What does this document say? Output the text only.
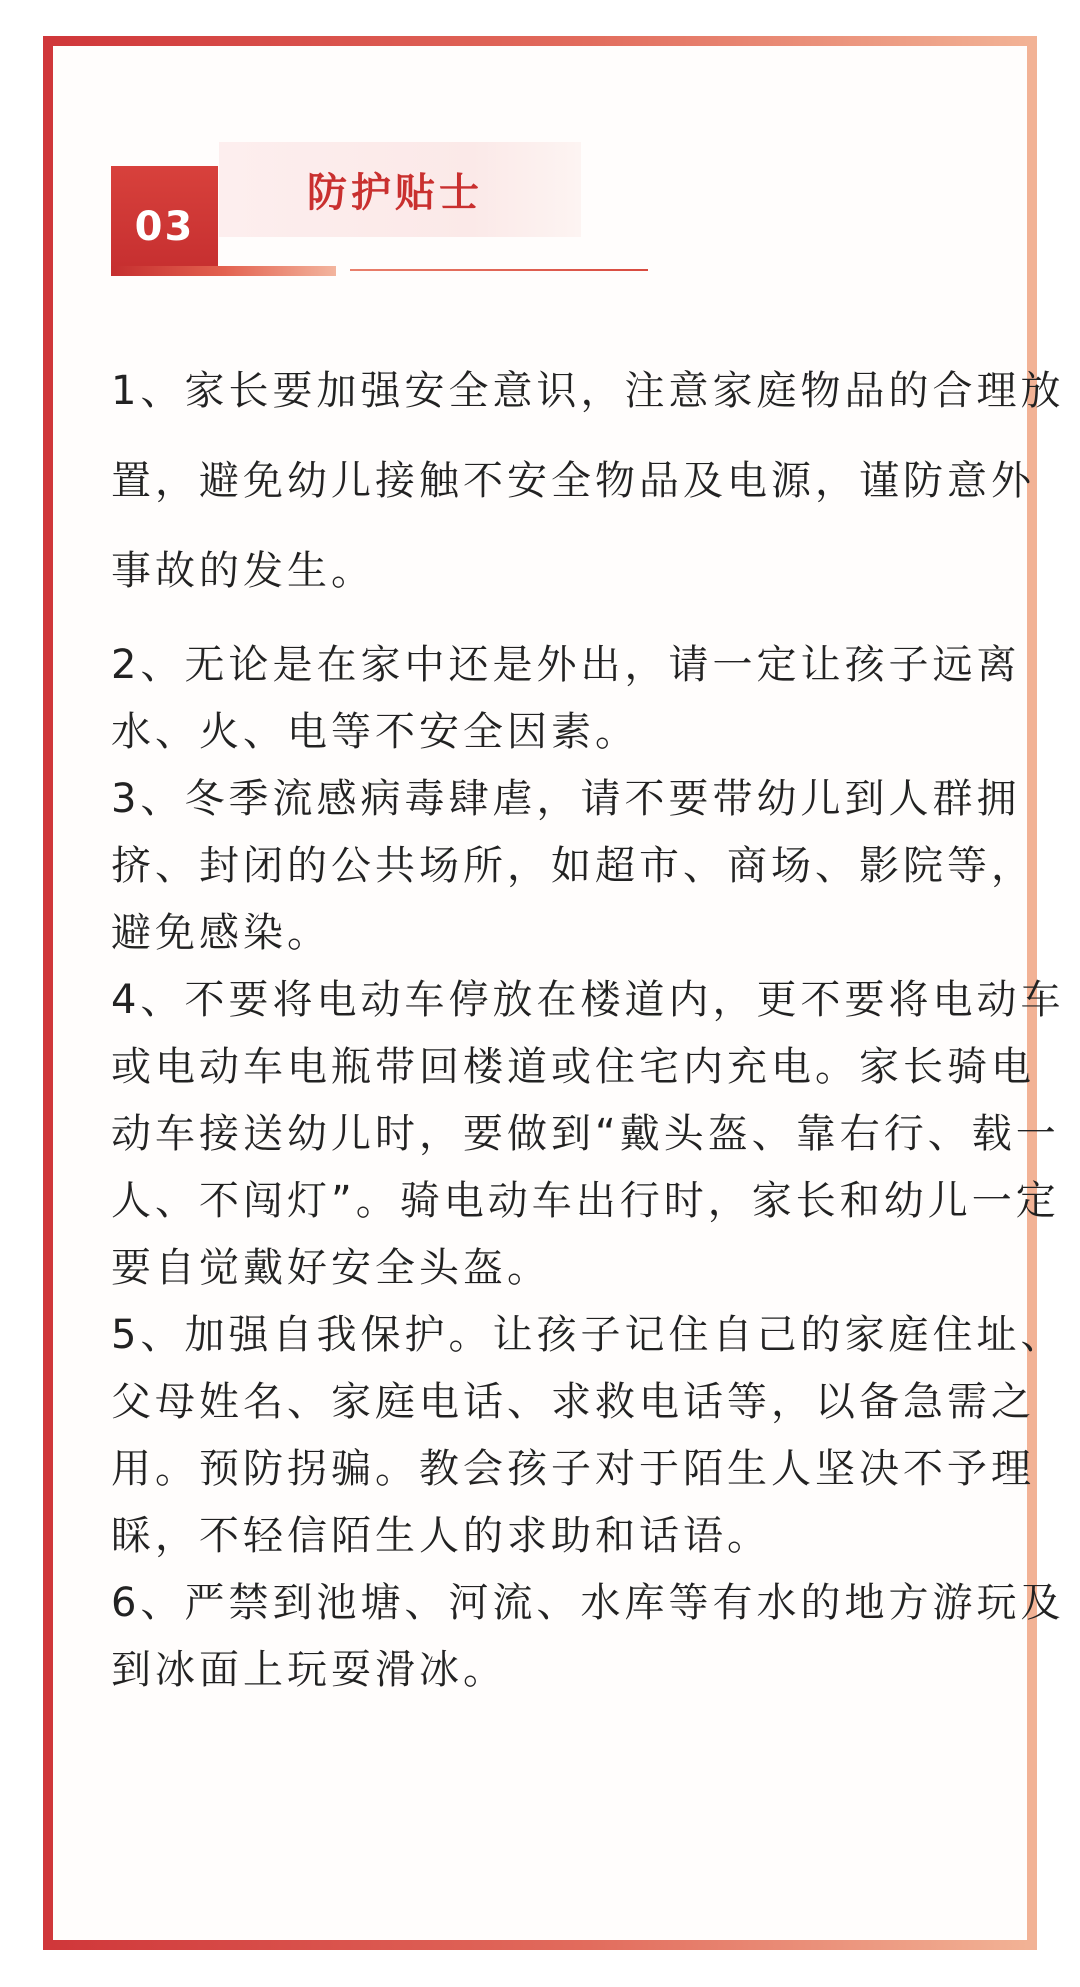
防护贴士
03

1、家长要加强安全意识，注意家庭物品的合理放置，避免幼儿接触不安全物品及电源，谨防意外事故的发生。

2、无论是在家中还是外出，请一定让孩子远离水、火、电等不安全因素。

3、冬季流感病毒肆虐，请不要带幼儿到人群拥挤、封闭的公共场所，如超市、商场、影院等，避免感染。

4、不要将电动车停放在楼道内，更不要将电动车或电动车电瓶带回楼道或住宅内充电。家长骑电动车接送幼儿时，要做到“戴头盔、靠右行、载一人、不闯灯”。骑电动车出行时，家长和幼儿一定要自觉戴好安全头盔。

5、加强自我保护。让孩子记住自己的家庭住址、父母姓名、家庭电话、求救电话等，以备急需之用。预防拐骗。教会孩子对于陌生人坚决不予理睬，不轻信陌生人的求助和话语。

6、严禁到池塘、河流、水库等有水的地方游玩及到冰面上玩耍滑冰。
